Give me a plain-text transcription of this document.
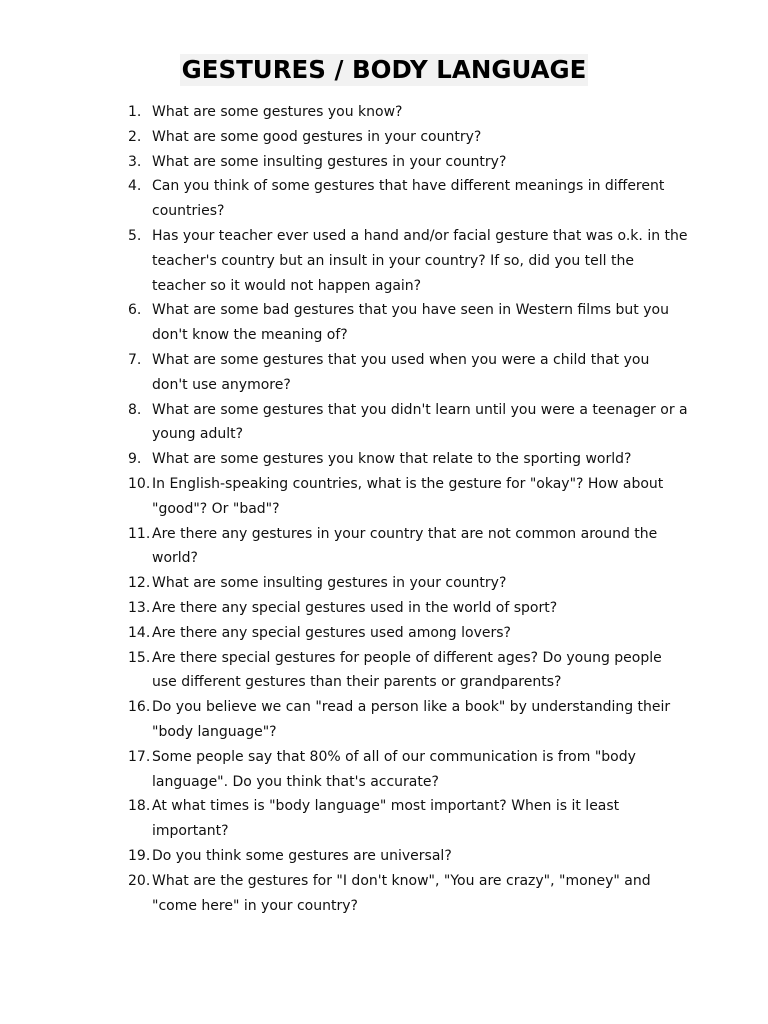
GESTURES / BODY LANGUAGE
1. What are some gestures you know?
2. What are some good gestures in your country?
3. What are some insulting gestures in your country?
4. Can you think of some gestures that have different meanings in different countries?
5. Has your teacher ever used a hand and/or facial gesture that was o.k. in the teacher's country but an insult in your country? If so, did you tell the teacher so it would not happen again?
6. What are some bad gestures that you have seen in Western films but you don't know the meaning of?
7. What are some gestures that you used when you were a child that you don't use anymore?
8. What are some gestures that you didn't learn until you were a teenager or a young adult?
9. What are some gestures you know that relate to the sporting world?
10. In English-speaking countries, what is the gesture for "okay"? How about "good"? Or "bad"?
11. Are there any gestures in your country that are not common around the world?
12. What are some insulting gestures in your country?
13. Are there any special gestures used in the world of sport?
14. Are there any special gestures used among lovers?
15. Are there special gestures for people of different ages? Do young people use different gestures than their parents or grandparents?
16. Do you believe we can "read a person like a book" by understanding their "body language"?
17. Some people say that 80% of all of our communication is from "body language". Do you think that's accurate?
18. At what times is "body language" most important? When is it least important?
19. Do you think some gestures are universal?
20. What are the gestures for "I don't know", "You are crazy", "money" and "come here" in your country?
